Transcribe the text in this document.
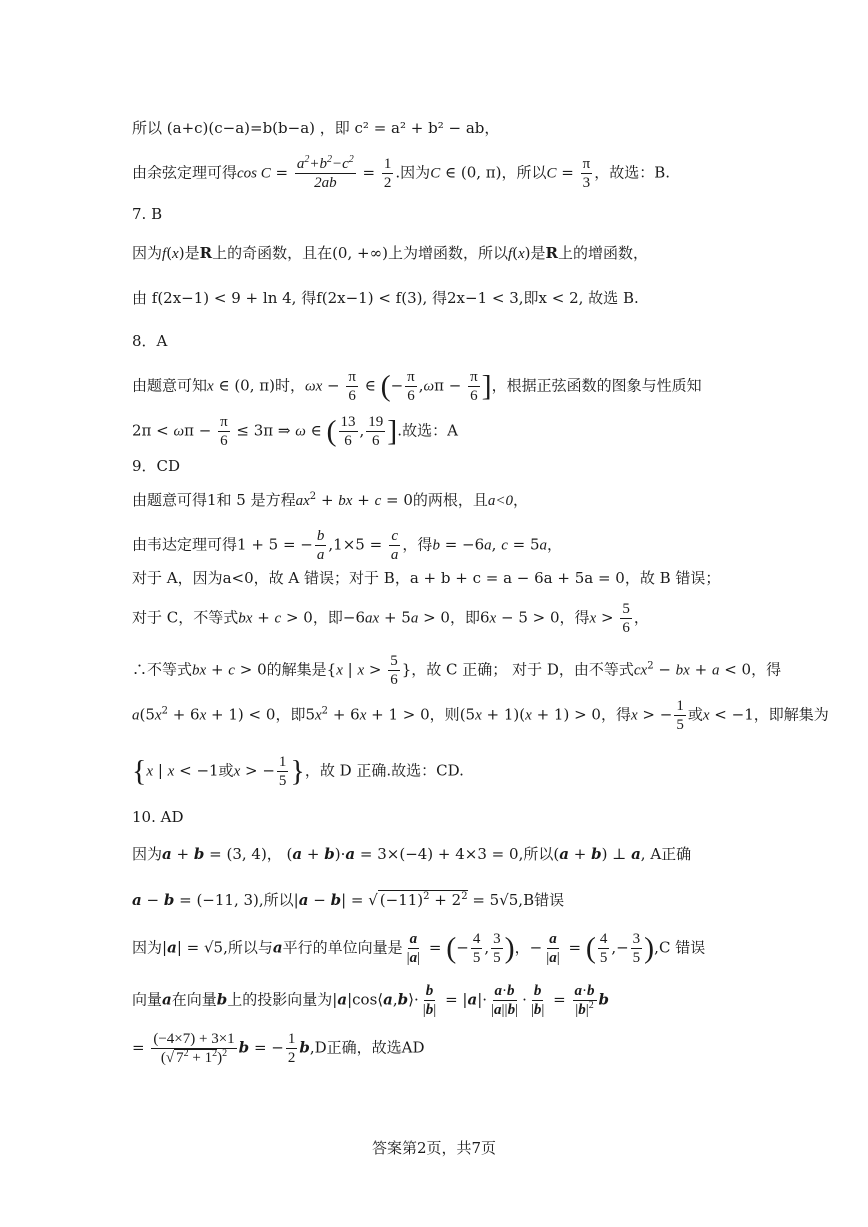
所以 (a+c)(c−a)=b(b−a) ，即 c² = a² + b² − ab，
由余弦定理可得$\cos C = \frac{a^2+b^2-c^2}{2ab} = \frac{1}{2}$ .因为C ∈ (0, π)，所以$C = \frac{\pi}{3}$ ，故选：B.
7. B
因为f(x)是R上的奇函数，且在(0, +∞)上为增函数，所以f(x)是R上的增函数，
由 f(2x−1) < 9 + ln 4, 得f(2x−1) < f(3), 得2x−1 < 3,即x < 2, 故选 B.
8．A
由题意可知x ∈ (0, π)时，$\omega x - \frac{\pi}{6}$ ∈ (− $\frac{\pi}{6} ,\omega\pi - \frac{\pi}{6}$ ]，根据正弦函数的图象与性质知
$2\pi < \omega\pi - \frac{\pi}{6} \le 3\pi$ ⇒ ω ∈ ( $\frac{13}{6}$ , $\frac{19}{6}$ ].故选：A
9．CD
由题意可得1和 5 是方程$ax^2$ + bx + c = 0的两根，且a<0，
由韦达定理可得1 + 5 = − $\frac{b}{a} ,1\times 5 = \frac{c}{a}$ ，得b = −6a, c = 5a，
对于 A，因为a<0，故 A 错误；对于 B，a + b + c = a − 6a + 5a = 0，故 B 错误；
对于 C，不等式bx + c > 0，即−6ax + 5a > 0，即6x − 5 > 0，得$x > \frac{5}{6}$ ，
∴不等式bx + c > 0的解集是{x | $x > \frac{5}{6}$ }，故 C 正确； 对于 D，由不等式$cx^2$ − bx + a < 0，得
$a(5x^2 + 6x + 1) < 0$，即$5x^2 + 6x + 1 > 0$，则(5x + 1)(x + 1) > 0，得x > − $\frac{1}{5}$ 或x < −1，即解集为
{x | x < −1或x > − $\frac{1}{5}$ }，故 D 正确.故选：CD.
10. AD
因为a + b = (3, 4)， (a + b)·a = 3×(−4) + 4×3 = 0,所以(a + b) ⊥ a, A正确
a − b = (−11, 3),所以|a − b| = √ $(-11)^2 + 2^2 = 5√5,B$错误
因为|a| = √5,所以与a平行的单位向量是 $\frac{a}{|a|}$ = (− $\frac{4}{5}$ , $\frac{3}{5}$ )，− $\frac{a}{|a|}$ = ( $\frac{4}{5}$ ,− $\frac{3}{5} ),C$ 错误
向量a在向量b上的投影向量为|a|cos⟨a,b⟩· $\frac{b}{|b|} = |a|\cdot \frac{a\cdot b}{|a||b|} \cdot \frac{b}{|b|} = \frac{a\cdot b}{|b|^2}$ b
= $\frac{(-4\times 7) + 3\times 1}{(√ 7^2 + 1^2)^2}$ b = − $\frac{1}{2} b,D$正确，故选AD
答案第2页，共7页
